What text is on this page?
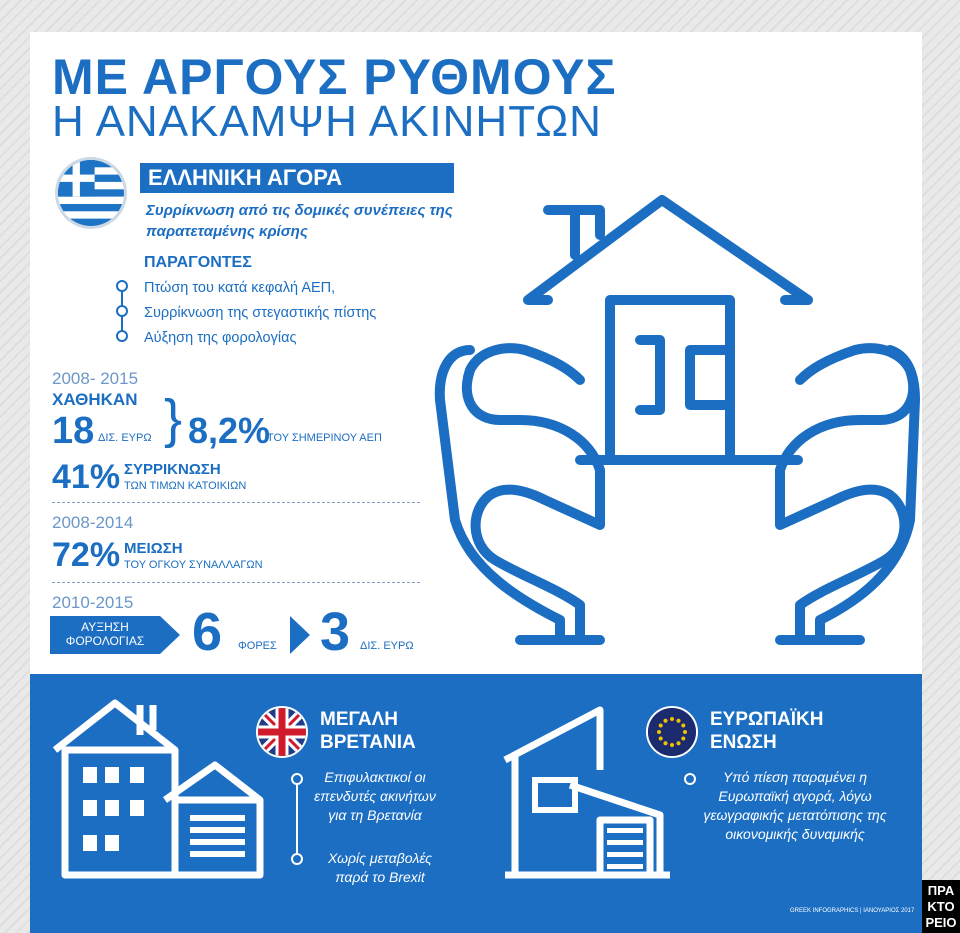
ΜΕ ΑΡΓΟΥΣ ΡΥΘΜΟΥΣ
Η ΑΝΑΚΑΜΨΗ ΑΚΙΝΗΤΩΝ
ΕΛΛΗΝΙΚΗ ΑΓΟΡΑ
Συρρίκνωση από τις δομικές συνέπειες της παρατεταμένης κρίσης
ΠΑΡΑΓΟΝΤΕΣ
Πτώση του κατά κεφαλή ΑΕΠ,
Συρρίκνωση της στεγαστικής πίστης
Αύξηση της φορολογίας
2008- 2015
ΧΑΘΗΚΑΝ
18 ΔΙΣ. ΕΥΡΩ } 8,2%
ΤΟΥ ΣΗΜΕΡΙΝΟΥ ΑΕΠ
41% ΣΥΡΡΙΚΝΩΣΗ
ΤΩΝ ΤΙΜΩΝ ΚΑΤΟΙΚΙΩΝ
2008-2014
72% ΜΕΙΩΣΗ
ΤΟΥ ΟΓΚΟΥ ΣΥΝΑΛΛΑΓΩΝ
2010-2015
ΑΥΞΗΣΗ ΦΟΡΟΛΟΓΙΑΣ 6 ΦΟΡΕΣ 3 ΔΙΣ. ΕΥΡΩ
ΜΕΓΑΛΗ ΒΡΕΤΑΝΙΑ
Επιφυλακτικοί οι επενδυτές ακινήτων για τη Βρετανία
Χωρίς μεταβολές παρά το Brexit
ΕΥΡΩΠΑΪΚΗ ΕΝΩΣΗ
Υπό πίεση παραμένει η Ευρωπαϊκή αγορά, λόγω γεωγραφικής μετατόπισης της οικονομικής δυναμικής
GREEK INFOGRAPHICS | ΙΑΝΟΥΑΡΙΟΣ 2017
ΠΡΑ ΚΤΟ ΡΕΙΟ
